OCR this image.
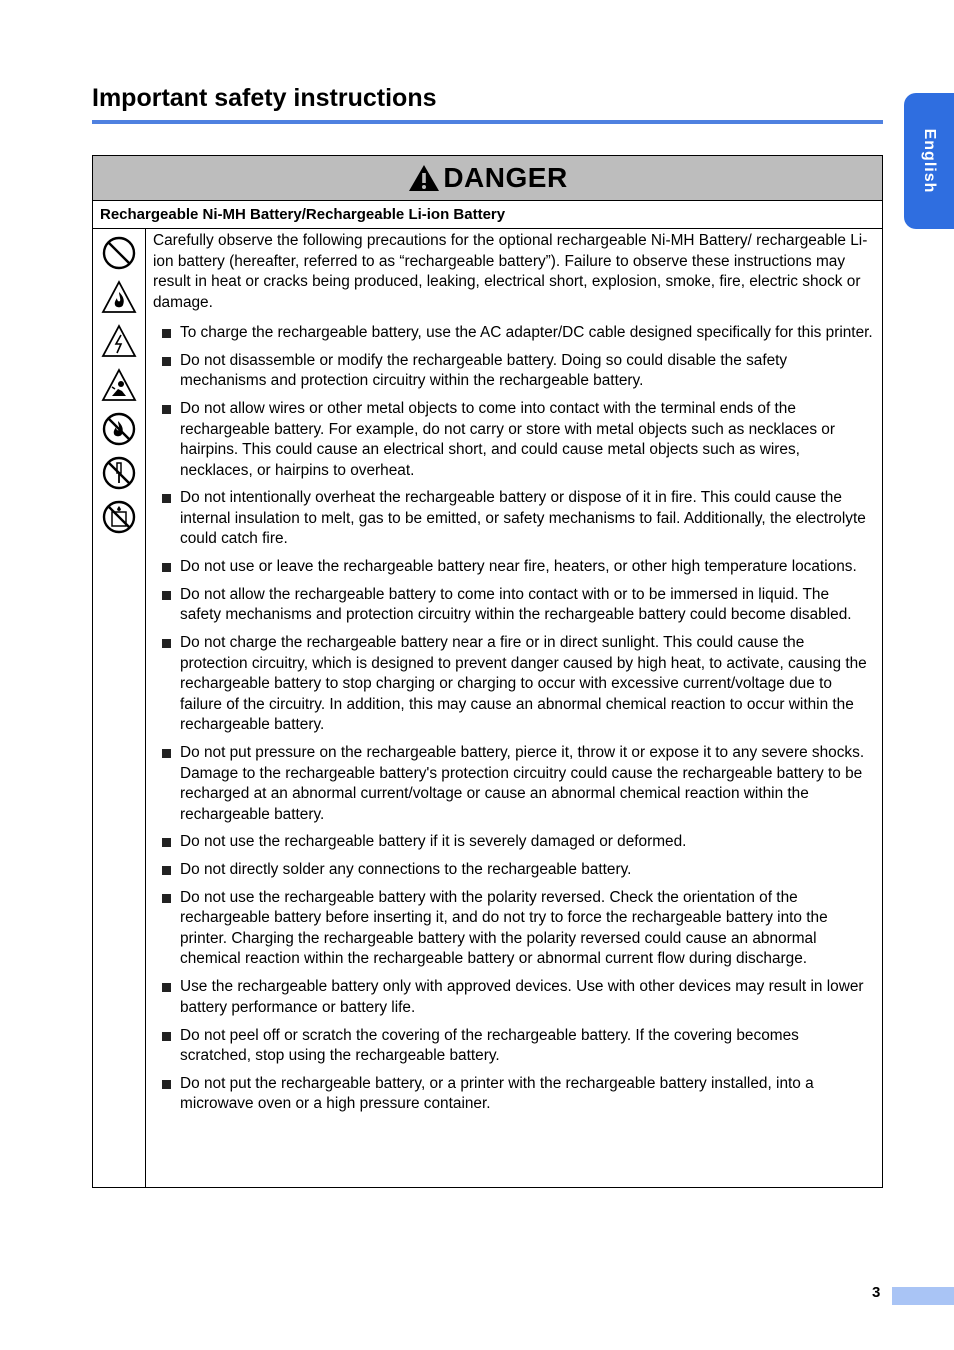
Important safety instructions
English
DANGER
Rechargeable Ni-MH Battery/Rechargeable Li-ion Battery

Carefully observe the following precautions for the optional rechargeable Ni-MH Battery/ rechargeable Li-ion battery (hereafter, referred to as “rechargeable battery”). Failure to observe these instructions may result in heat or cracks being produced, leaking, electrical short, explosion, smoke, fire, electric shock or damage.

To charge the rechargeable battery, use the AC adapter/DC cable designed specifically for this printer.
Do not disassemble or modify the rechargeable battery. Doing so could disable the safety mechanisms and protection circuitry within the rechargeable battery.
Do not allow wires or other metal objects to come into contact with the terminal ends of the rechargeable battery. For example, do not carry or store with metal objects such as necklaces or hairpins. This could cause an electrical short, and could cause metal objects such as wires, necklaces, or hairpins to overheat.
Do not intentionally overheat the rechargeable battery or dispose of it in fire. This could cause the internal insulation to melt, gas to be emitted, or safety mechanisms to fail. Additionally, the electrolyte could catch fire.
Do not use or leave the rechargeable battery near fire, heaters, or other high temperature locations.
Do not allow the rechargeable battery to come into contact with or to be immersed in liquid. The safety mechanisms and protection circuitry within the rechargeable battery could become disabled.
Do not charge the rechargeable battery near a fire or in direct sunlight. This could cause the protection circuitry, which is designed to prevent danger caused by high heat, to activate, causing the rechargeable battery to stop charging or charging to occur with excessive current/voltage due to failure of the circuitry. In addition, this may cause an abnormal chemical reaction to occur within the rechargeable battery.
Do not put pressure on the rechargeable battery, pierce it, throw it or expose it to any severe shocks. Damage to the rechargeable battery's protection circuitry could cause the rechargeable battery to be recharged at an abnormal current/voltage or cause an abnormal chemical reaction within the rechargeable battery.
Do not use the rechargeable battery if it is severely damaged or deformed.
Do not directly solder any connections to the rechargeable battery.
Do not use the rechargeable battery with the polarity reversed. Check the orientation of the rechargeable battery before inserting it, and do not try to force the rechargeable battery into the printer. Charging the rechargeable battery with the polarity reversed could cause an abnormal chemical reaction within the rechargeable battery or abnormal current flow during discharge.
Use the rechargeable battery only with approved devices. Use with other devices may result in lower battery performance or battery life.
Do not peel off or scratch the covering of the rechargeable battery. If the covering becomes scratched, stop using the rechargeable battery.
Do not put the rechargeable battery, or a printer with the rechargeable battery installed, into a microwave oven or a high pressure container.
3
